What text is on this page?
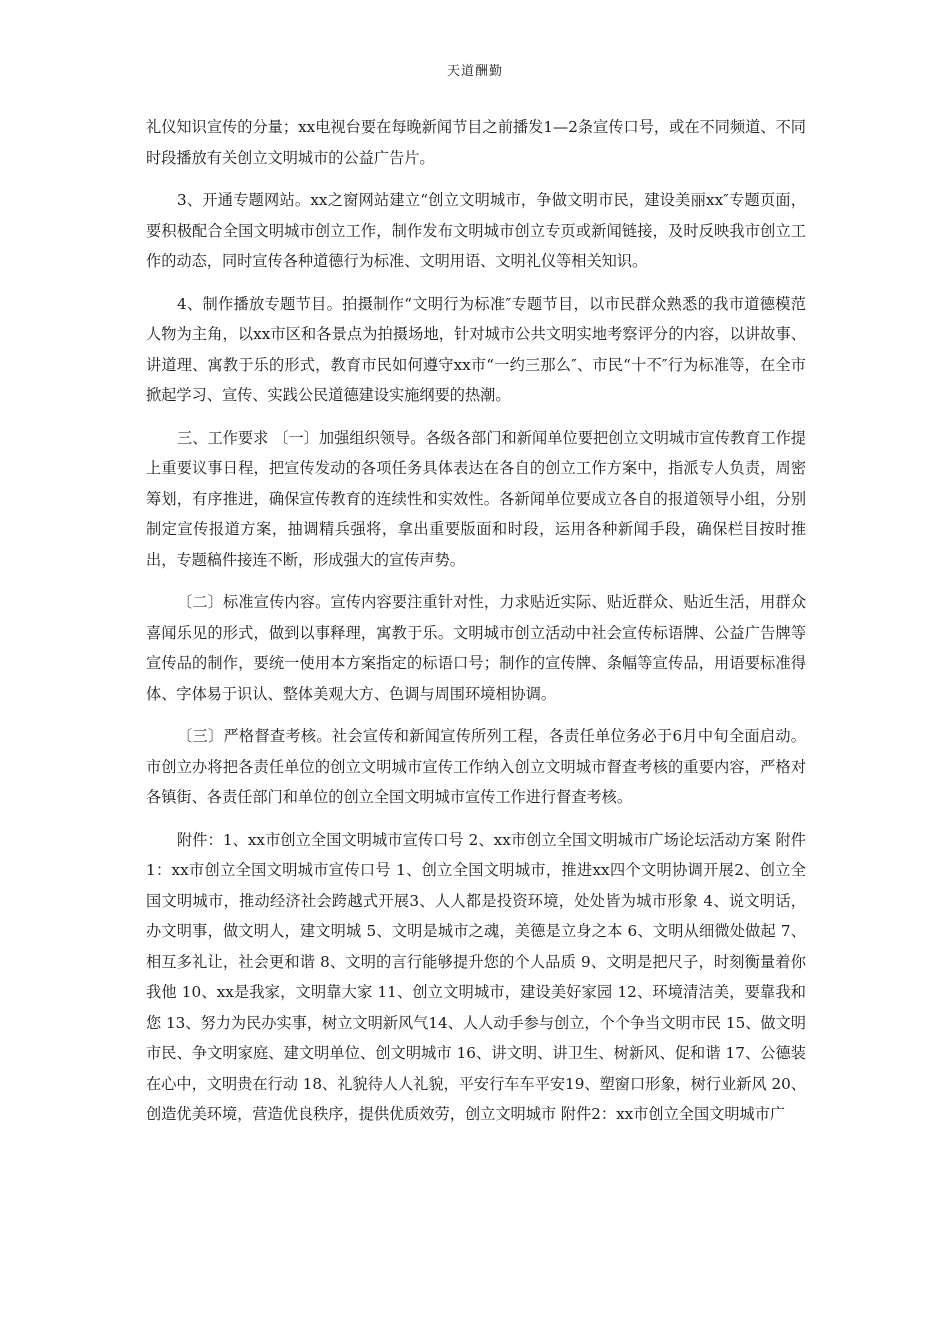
天道酬勤

礼仪知识宣传的分量；xx电视台要在每晚新闻节目之前播发1—2条宣传口号，或在不同频道、不同时段播放有关创立文明城市的公益广告片。

3、开通专题网站。xx之窗网站建立“创立文明城市，争做文明市民，建设美丽xx″专题页面，要积极配合全国文明城市创立工作，制作发布文明城市创立专页或新闻链接，及时反映我市创立工作的动态，同时宣传各种道德行为标准、文明用语、文明礼仪等相关知识。

4、制作播放专题节目。拍摄制作“文明行为标准″专题节目，以市民群众熟悉的我市道德模范人物为主角，以xx市区和各景点为拍摄场地，针对城市公共文明实地考察评分的内容，以讲故事、讲道理、寓教于乐的形式，教育市民如何遵守xx市“一约三那么″、市民“十不″行为标准等，在全市掀起学习、宣传、实践公民道德建设实施纲要的热潮。

三、工作要求 〔一〕加强组织领导。各级各部门和新闻单位要把创立文明城市宣传教育工作提上重要议事日程，把宣传发动的各项任务具体表达在各自的创立工作方案中，指派专人负责，周密筹划，有序推进，确保宣传教育的连续性和实效性。各新闻单位要成立各自的报道领导小组，分别制定宣传报道方案，抽调精兵强将，拿出重要版面和时段，运用各种新闻手段，确保栏目按时推出，专题稿件接连不断，形成强大的宣传声势。

〔二〕标准宣传内容。宣传内容要注重针对性，力求贴近实际、贴近群众、贴近生活，用群众喜闻乐见的形式，做到以事释理，寓教于乐。文明城市创立活动中社会宣传标语牌、公益广告牌等宣传品的制作，要统一使用本方案指定的标语口号；制作的宣传牌、条幅等宣传品，用语要标准得体、字体易于识认、整体美观大方、色调与周围环境相协调。

〔三〕严格督查考核。社会宣传和新闻宣传所列工程，各责任单位务必于6月中旬全面启动。市创立办将把各责任单位的创立文明城市宣传工作纳入创立文明城市督查考核的重要内容，严格对各镇街、各责任部门和单位的创立全国文明城市宣传工作进行督查考核。

附件：1、xx市创立全国文明城市宣传口号 2、xx市创立全国文明城市广场论坛活动方案 附件1：xx市创立全国文明城市宣传口号 1、创立全国文明城市，推进xx四个文明协调开展2、创立全国文明城市，推动经济社会跨越式开展3、人人都是投资环境，处处皆为城市形象 4、说文明话，办文明事，做文明人，建文明城 5、文明是城市之魂，美德是立身之本 6、文明从细微处做起 7、相互多礼让，社会更和谐 8、文明的言行能够提升您的个人品质 9、文明是把尺子，时刻衡量着你我他 10、xx是我家，文明靠大家 11、创立文明城市，建设美好家园 12、环境清洁美，要靠我和您 13、努力为民办实事，树立文明新风气14、人人动手参与创立，个个争当文明市民 15、做文明市民、争文明家庭、建文明单位、创文明城市 16、讲文明、讲卫生、树新风、促和谐 17、公德装在心中，文明贵在行动 18、礼貌待人人礼貌，平安行车车平安19、塑窗口形象，树行业新风 20、创造优美环境，营造优良秩序，提供优质效劳，创立文明城市 附件2：xx市创立全国文明城市广
